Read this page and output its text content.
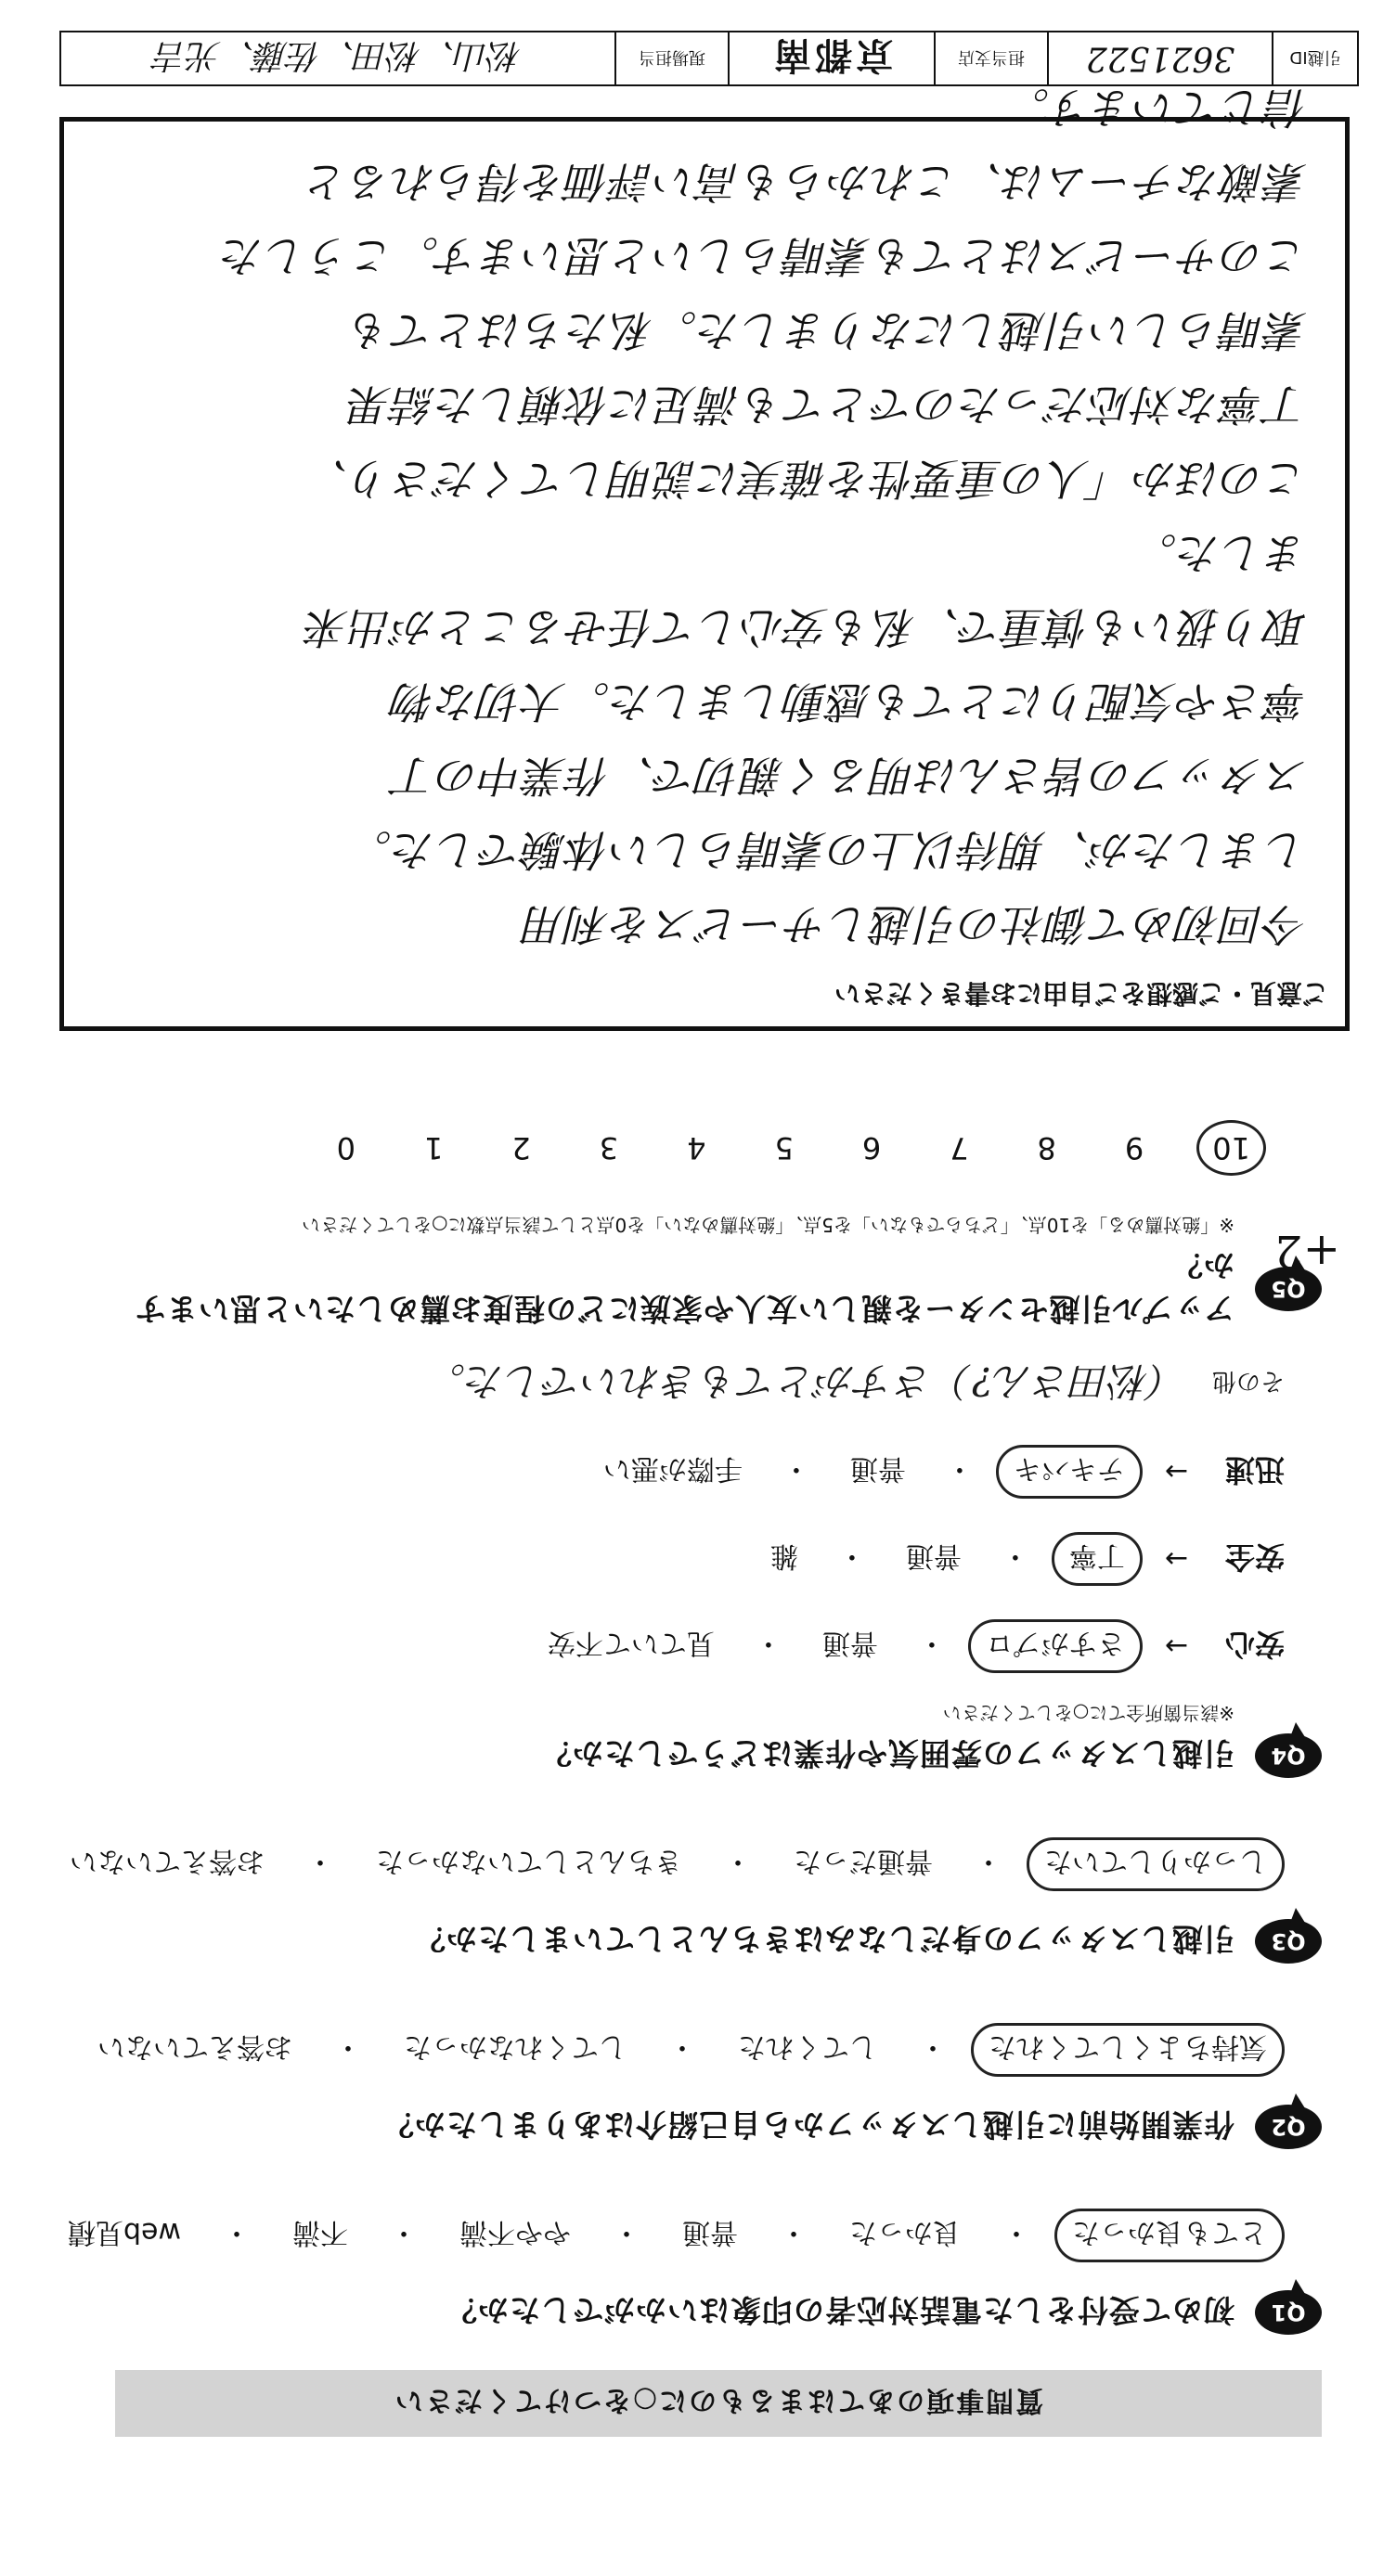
質問事項のあてはまるものに○をつけてください
Q1
初めて受付をした電話対応者の印象はいかがでしたか？
とても良かった
・
良かった
・
普通
・
やや不満
・
不満
・
web見積
Q2
作業開始前に引越しスタッフから自己紹介はありましたか？
気持ちよくしてくれた
・
してくれた
・
してくれなかった
・
お答えていない
Q3
引越しスタッフの身だしなみはきちんとしていましたか？
しっかりしていた
・
普通だった
・
きちんとしていなかった
・
お答えていない
Q4
引越しスタッフの雰囲気や作業はどうでしたか？
※該当箇所全てに○をしてください
安心
→
さすがプロ
・
普通
・
見ていて不安
安全
→
丁寧
・
普通
・
雑
迅速
→
テキパキ
・
普通
・
手際が悪い
その他
（松田さん?）さすがとてもきれいでした。
Q5
アップル引越センターを親しい友人や家族にどの程度お薦めしたいと思いますか？
※「絶対薦める」を10点、「どちらでもない」を5点、「絶対薦めない」を0点として該当点数に○をしてください
10
9
8
7
6
5
4
3
2
1
0
+2
ご意見・ご感想をご自由にお書きください
今回初めて御社の引越しサービスを利用
しましたが、期待以上の素晴らしい体験でした。
スタッフの皆さんは明るく親切で、作業中の丁
寧さや気配りにとても感動しました。大切な物
取り扱いも慎重で、私も安心して任せることが出来
ました。
このほか「人の重要性を確実に説明してくださり、
丁寧な対応だったのでとても満足に依頼した結果
素晴らしい引越しになりました。私たちはとても
このサービスはとても素晴らしいと思います。こうした
素敵なチームは、これからも高い評価を得られると
信じています。
引越ID
3621522
担当支店
京都南
現場担当
松山、松田、佐藤、光吉
